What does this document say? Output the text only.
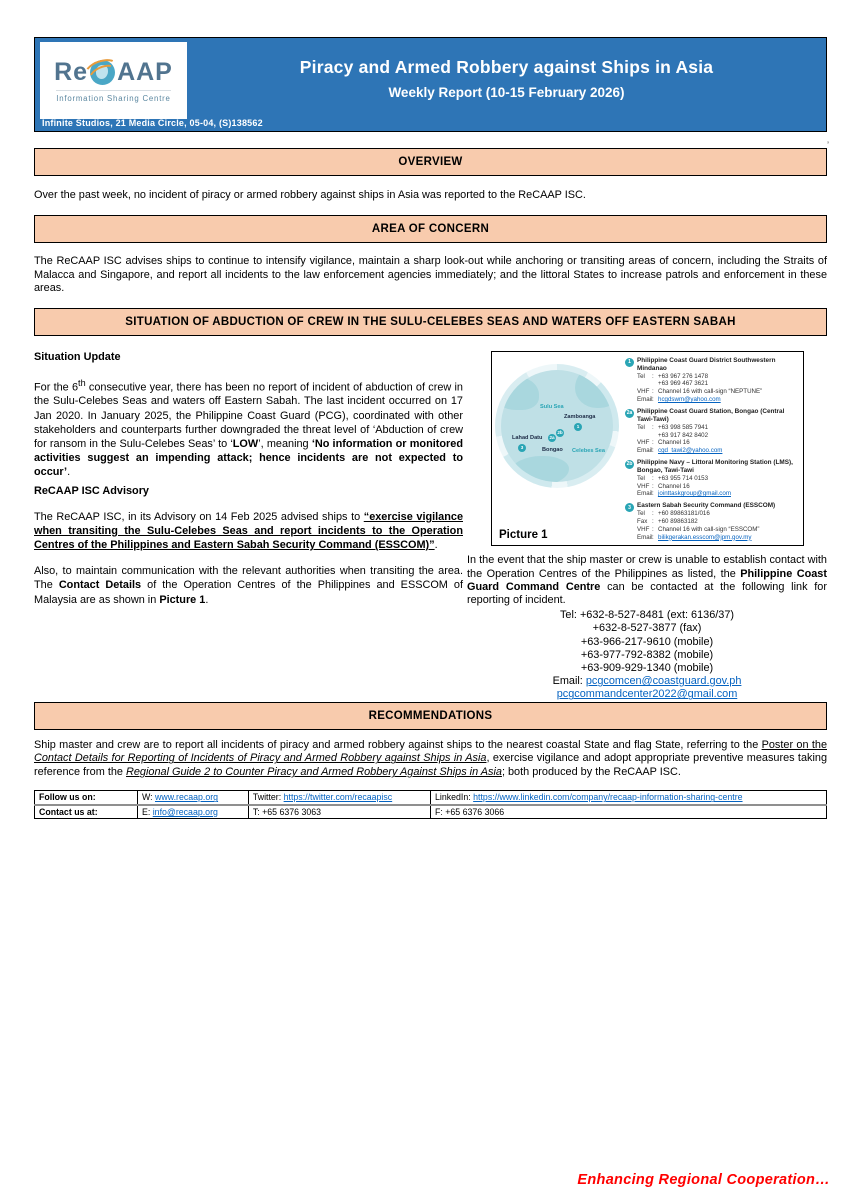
Re AAP
Information Sharing Centre
Piracy and Armed Robbery against Ships in Asia
Weekly Report (10-15 February 2026)
Infinite Studios, 21 Media Circle, 05-04, (S)138562
’
OVERVIEW

Over the past week, no incident of piracy or armed robbery against ships in Asia was reported to the ReCAAP ISC.

AREA OF CONCERN

The ReCAAP ISC advises ships to continue to intensify vigilance, maintain a sharp look-out while anchoring or transiting areas of concern, including the Straits of Malacca and Singapore, and report all incidents to the law enforcement agencies immediately; and the littoral States to increase patrols and enforcement in these areas.

SITUATION OF ABDUCTION OF CREW IN THE SULU-CELEBES SEAS AND WATERS OFF EASTERN SABAH
Situation Update

For the 6th consecutive year, there has been no report of incident of abduction of crew in the Sulu-Celebes Seas and waters off Eastern Sabah. The last incident occurred on 17 Jan 2020. In January 2025, the Philippine Coast Guard (PCG), coordinated with other stakeholders and counterparts further downgraded the threat level of ‘Abduction of crew for ransom in the Sulu-Celebes Seas’ to ‘LOW’, meaning ‘No information or monitored activities suggest an impending attack; hence incidents are not expected to occur’.

ReCAAP ISC Advisory

The ReCAAP ISC, in its Advisory on 14 Feb 2025 advised ships to “exercise vigilance when transiting the Sulu-Celebes Seas and report incidents to the Operation Centres of the Philippines and Eastern Sabah Security Command (ESSCOM)”.

Also, to maintain communication with the relevant authorities when transiting the area. The Contact Details of the Operation Centres of the Philippines and ESSCOM of Malaysia are as shown in Picture 1.

Sulu Sea
Zamboanga
1
Lahad Datu
3
2a
2b
Bongao Celebes Sea
1 Philippine Coast Guard District Southwestern Mindanao
Tel	: +63 967 276 1478
+63 969 467 3621
VHF : Channel 16 with call-sign “NEPTUNE”
Email : hcgdswm@yahoo.com
2a Philippine Coast Guard Station, Bongao (Central Tawi-Tawi)
Tel	: +63 998 585 7941
+63 917 842 8402
VHF : Channel 16
Email : cgd_tawi2@yahoo.com
2b Philippine Navy – Littoral Monitoring Station (LMS), Bongao, Tawi-Tawi
Tel	: +63 955 714 0153
VHF : Channel 16
Email : jointtaskgroup@gmail.com
3 Eastern Sabah Security Command (ESSCOM)
Tel	: +60 89863181/016
Fax : +60 89863182
VHF : Channel 16 with call-sign “ESSCOM”
Email : bilikgerakan.esscom@jpm.gov.my
Picture 1

In the event that the ship master or crew is unable to establish contact with the Operation Centres of the Philippines as listed, the Philippine Coast Guard Command Centre can be contacted at the following link for reporting of incident.

Tel: +632-8-527-8481 (ext: 6136/37)
+632-8-527-3877 (fax)
+63-966-217-9610 (mobile)
+63-977-792-8382 (mobile)
+63-909-929-1340 (mobile)
Email: pcgcomcen@coastguard.gov.ph
pcgcommandcenter2022@gmail.com
RECOMMENDATIONS

Ship master and crew are to report all incidents of piracy and armed robbery against ships to the nearest coastal State and flag State, referring to the Poster on the Contact Details for Reporting of Incidents of Piracy and Armed Robbery against Ships in Asia, exercise vigilance and adopt appropriate preventive measures taking reference from the Regional Guide 2 to Counter Piracy and Armed Robbery Against Ships in Asia; both produced by the ReCAAP ISC.

Follow us on:	W: www.recaap.org	Twitter: https://twitter.com/recaapisc	LinkedIn: https://www.linkedin.com/company/recaap-information-sharing-centre
Contact us at:	E: info@recaap.org	T: +65 6376 3063	F: +65 6376 3066
Enhancing Regional Cooperation…
